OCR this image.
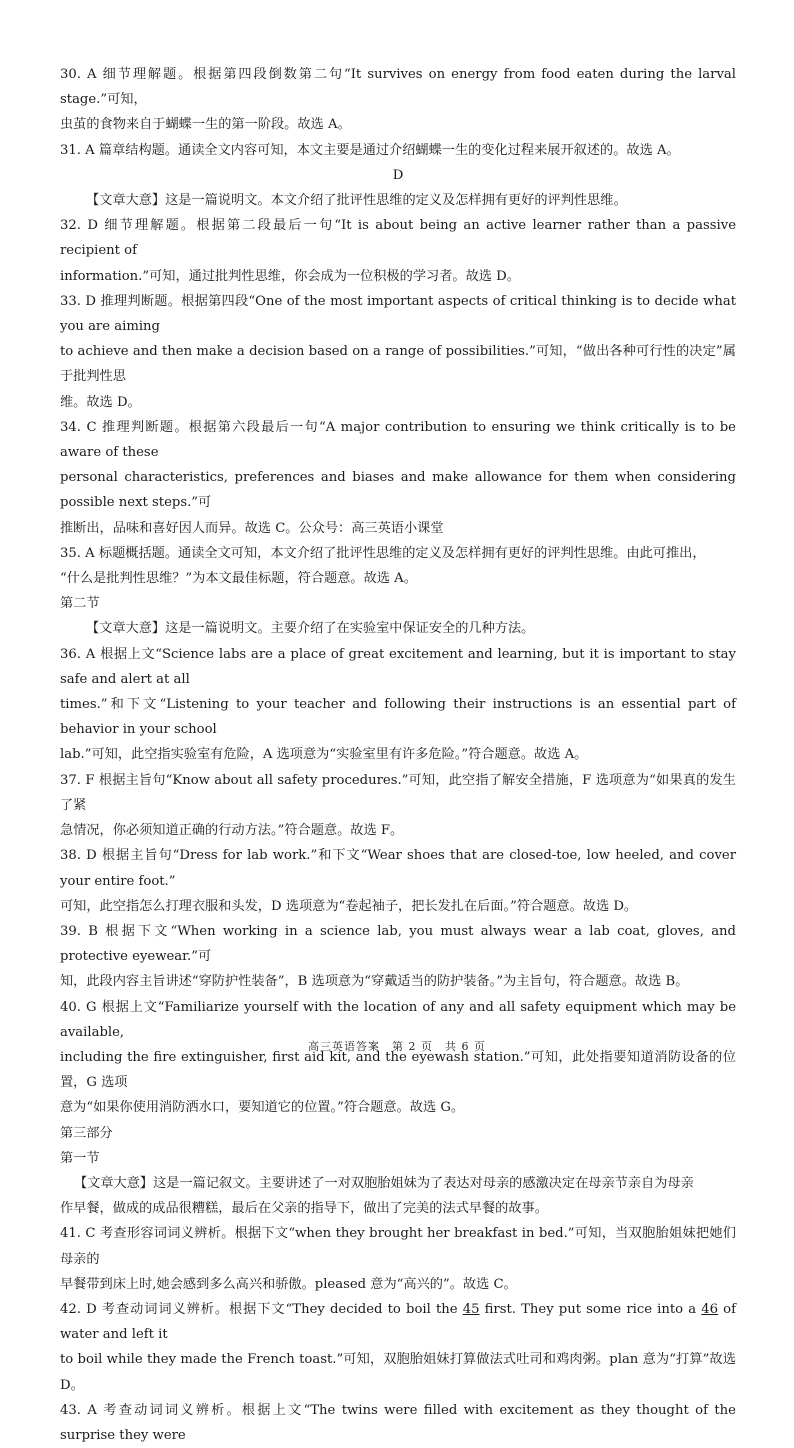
30. A 细节理解题。根据第四段倒数第二句“It survives on energy from food eaten during the larval stage.”可知，
虫茧的食物来自于蝴蝶一生的第一阶段。故选 A。
31. A 篇章结构题。通读全文内容可知，本文主要是通过介绍蝴蝶一生的变化过程来展开叙述的。故选 A。
D
【文章大意】这是一篇说明文。本文介绍了批评性思维的定义及怎样拥有更好的评判性思维。
32. D 细节理解题。根据第二段最后一句“It is about being an active learner rather than a passive recipient of
information.”可知，通过批判性思维，你会成为一位积极的学习者。故选 D。
33. D 推理判断题。根据第四段“One of the most important aspects of critical thinking is to decide what you are aiming
to achieve and then make a decision based on a range of possibilities.”可知，“做出各种可行性的决定”属于批判性思
维。故选 D。
34. C 推理判断题。根据第六段最后一句“A major contribution to ensuring we think critically is to be aware of these
personal characteristics, preferences and biases and make allowance for them when considering possible next steps.”可
推断出，品味和喜好因人而异。故选 C。公众号：高三英语小课堂
35. A 标题概括题。通读全文可知，本文介绍了批评性思维的定义及怎样拥有更好的评判性思维。由此可推出，
“什么是批判性思维？”为本文最佳标题，符合题意。故选 A。
第二节
【文章大意】这是一篇说明文。主要介绍了在实验室中保证安全的几种方法。
36. A 根据上文“Science labs are a place of great excitement and learning, but it is important to stay safe and alert at all
times.”和下文“Listening to your teacher and following their instructions is an essential part of behavior in your school
lab.”可知，此空指实验室有危险，A 选项意为“实验室里有许多危险。”符合题意。故选 A。
37. F 根据主旨句“Know about all safety procedures.”可知，此空指了解安全措施，F 选项意为“如果真的发生了紧
急情况，你必须知道正确的行动方法。”符合题意。故选 F。
38. D 根据主旨句“Dress for lab work.”和下文“Wear shoes that are closed-toe, low heeled, and cover your entire foot.”
可知，此空指怎么打理衣服和头发，D 选项意为“卷起袖子，把长发扎在后面。”符合题意。故选 D。
39. B 根据下文“When working in a science lab, you must always wear a lab coat, gloves, and protective eyewear.”可
知，此段内容主旨讲述“穿防护性装备”，B 选项意为“穿戴适当的防护装备。”为主旨句，符合题意。故选 B。
40. G 根据上文“Familiarize yourself with the location of any and all safety equipment which may be available,
including the fire extinguisher, first aid kit, and the eyewash station.”可知，此处指要知道消防设备的位置，G 选项
意为“如果你使用消防洒水口，要知道它的位置。”符合题意。故选 G。
第三部分
第一节
【文章大意】这是一篇记叙文。主要讲述了一对双胞胎姐妹为了表达对母亲的感激决定在母亲节亲自为母亲
作早餐，做成的成品很糟糕，最后在父亲的指导下，做出了完美的法式早餐的故事。
41. C 考查形容词词义辨析。根据下文“when they brought her breakfast in bed.”可知，当双胞胎姐妹把她们母亲的
早餐带到床上时,她会感到多么高兴和骄傲。pleased 意为“高兴的”。故选 C。
42. D 考查动词词义辨析。根据下文“They decided to boil the 45 first. They put some rice into a 46 of water and left it
to boil while they made the French toast.”可知，双胞胎姐妹打算做法式吐司和鸡肉粥。plan 意为“打算”故选 D。
43. A 考查动词词义辨析。根据上文“The twins were filled with excitement as they thought of the surprise they were
高三英语答案　第 2 页　共 6 页
